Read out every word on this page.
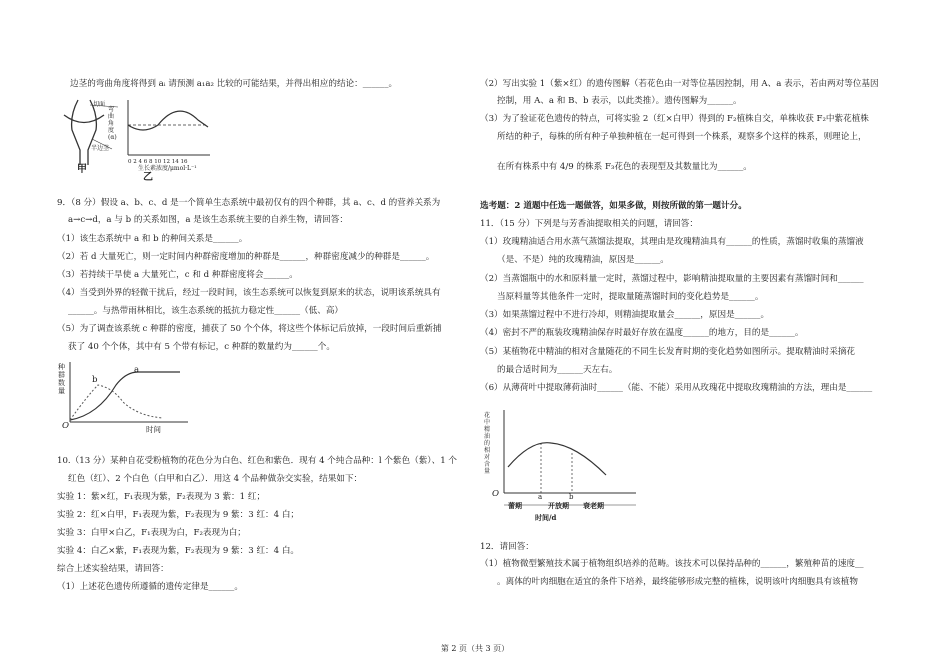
边茎的弯曲角度将得到 aᵢ 请预测 a₁a₂ 比较的可能结果，并得出相应的结论：______。
切面
半边茎
甲
弯曲角度(α)
0 2 4 6 8 10 12 14 16
生长素浓度/μmol·L⁻¹
乙
9．（8 分）假设 a、b、c、d 是一个简单生态系统中最初仅有的四个种群，其 a、c、d 的营养关系为
a→c→d，a 与 b 的关系如图，a 是该生态系统主要的自养生物，请回答：
（1）该生态系统中 a 和 b 的种间关系是______。
（2）若 d 大量死亡，则一定时间内种群密度增加的种群是______，种群密度减少的种群是______。
（3）若持续干旱使 a 大量死亡，c 和 d 种群密度将会______。
（4）当受到外界的轻微干扰后，经过一段时间，该生态系统可以恢复到原来的状态，说明该系统具有
______。与热带雨林相比，该生态系统的抵抗力稳定性______（低、高）
（5）为了调查该系统 c 种群的密度，捕获了 50 个个体，将这些个体标记后放掉，一段时间后重新捕
获了 40 个个体，其中有 5 个带有标记，c 种群的数量约为______个。
种群数量
a
b
O	时间
10.（13 分）某种自花受粉植物的花色分为白色、红色和紫色．现有 4 个纯合品种：l 个紫色（紫）、1 个
红色（红）、2 个白色（白甲和白乙）．用这 4 个品种做杂交实验，结果如下：
实验 1：紫×红，F₁表现为紫，F₂表现为 3 紫：1 红；
实验 2：红×白甲，F₁表现为紫，F₂表现为 9 紫：3 红：4 白；
实验 3：白甲×白乙，F₁表现为白，F₂表现为白；
实验 4：白乙×紫，F₁表现为紫，F₂表现为 9 紫：3 红：4 白。
综合上述实验结果，请回答：
（1）上述花色遗传所遵循的遗传定律是______。
（2）写出实验 1（紫×红）的遗传图解（若花色由一对等位基因控制，用 A、a 表示，若由两对等位基因
控制，用 A、a 和 B、b 表示，以此类推）。遗传图解为______。
（3）为了验证花色遗传的特点，可将实验 2（红×白甲）得到的 F₂植株自交，单株收获 F₂中紫花植株
所结的种子，每株的所有种子单独种植在一起可得到一个株系，观察多个这样的株系，则理论上，
在所有株系中有 4/9 的株系 F₃花色的表现型及其数量比为______。
选考题：2 道题中任选一题做答，如果多做，则按所做的第一题计分。
11．（15 分）下列是与芳香油提取相关的问题，请回答：
（1）玫瑰精油适合用水蒸气蒸馏法提取，其理由是玫瑰精油具有______的性质，蒸馏时收集的蒸馏液
（是、不是）纯的玫瑰精油，原因是______。
（2）当蒸馏瓶中的水和原料量一定时，蒸馏过程中，影响精油提取量的主要因素有蒸馏时间和______
当原料量等其他条件一定时，提取量随蒸馏时间的变化趋势是______。
（3）如果蒸馏过程中不进行冷却，则精油提取量会______，原因是______。
（4）密封不严的瓶装玫瑰精油保存时最好存放在温度______的地方，目的是______。
（5）某植物花中精油的相对含量随花的不同生长发育时期的变化趋势如图所示。提取精油时采摘花
的最合适时间为______天左右。
（6）从薄荷叶中提取薄荷油时______（能、不能）采用从玫瑰花中提取玫瑰精油的方法，理由是______
花中精油的相对含量
O	a	b
蕾期	开放期 衰老期
时间/d
12．请回答：
（1）植物微型繁殖技术属于植物组织培养的范畴。该技术可以保持品种的______，繁殖种苗的速度__
。离体的叶肉细胞在适宜的条件下培养，最终能够形成完整的植株，说明该叶肉细胞具有该植物
第 2 页（共 3 页）
